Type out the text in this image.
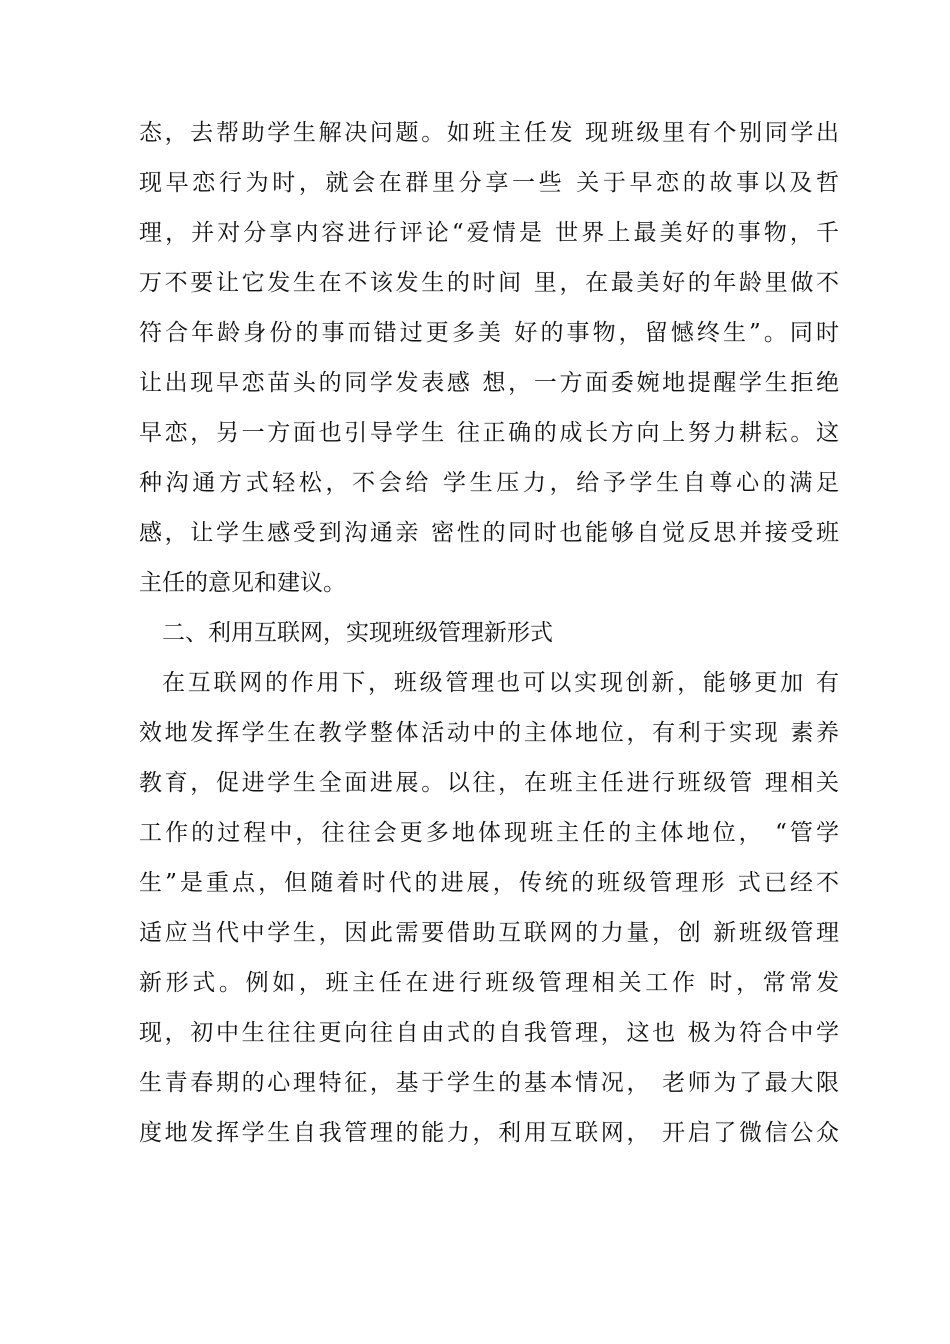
态，去帮助学生解决问题。如班主任发 现班级里有个别同学出
现早恋行为时，就会在群里分享一些 关于早恋的故事以及哲
理，并对分享内容进行评论“爱情是 世界上最美好的事物，千
万不要让它发生在不该发生的时间 里，在最美好的年龄里做不
符合年龄身份的事而错过更多美 好的事物，留憾终生”。同时
让出现早恋苗头的同学发表感 想，一方面委婉地提醒学生拒绝
早恋，另一方面也引导学生 往正确的成长方向上努力耕耘。这
种沟通方式轻松，不会给 学生压力，给予学生自尊心的满足
感，让学生感受到沟通亲 密性的同时也能够自觉反思并接受班
主任的意见和建议。
二、利用互联网，实现班级管理新形式
在互联网的作用下，班级管理也可以实现创新，能够更加 有
效地发挥学生在教学整体活动中的主体地位，有利于实现 素养
教育，促进学生全面进展。以往，在班主任进行班级管 理相关
工作的过程中，往往会更多地体现班主任的主体地位， “管学
生”是重点，但随着时代的进展，传统的班级管理形 式已经不
适应当代中学生，因此需要借助互联网的力量，创 新班级管理
新形式。例如，班主任在进行班级管理相关工作 时，常常发
现，初中生往往更向往自由式的自我管理，这也 极为符合中学
生青春期的心理特征，基于学生的基本情况， 老师为了最大限
度地发挥学生自我管理的能力，利用互联网， 开启了微信公众
